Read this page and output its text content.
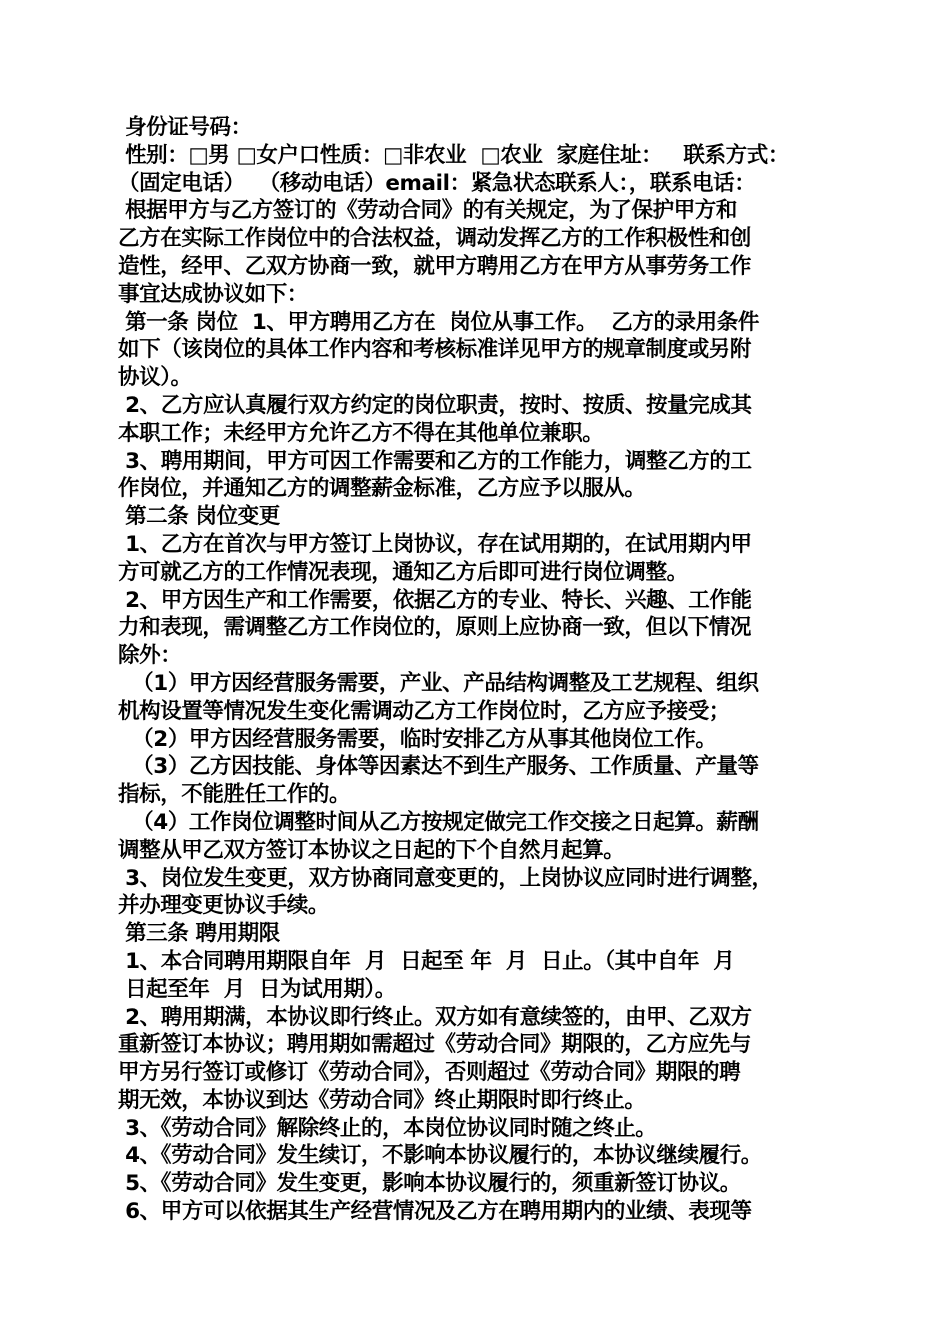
身份证号码：
性别：□男 □女户口性质：□非农业  □农业  家庭住址：   联系方式：
（固定电话）  （移动电话）email：紧急状态联系人：，联系电话：
根据甲方与乙方签订的《劳动合同》的有关规定，为了保护甲方和
乙方在实际工作岗位中的合法权益，调动发挥乙方的工作积极性和创
造性，经甲、乙双方协商一致，就甲方聘用乙方在甲方从事劳务工作
事宜达成协议如下：
第一条 岗位  1、甲方聘用乙方在  岗位从事工作。  乙方的录用条件
如下（该岗位的具体工作内容和考核标准详见甲方的规章制度或另附
协议）。
2、乙方应认真履行双方约定的岗位职责，按时、按质、按量完成其
本职工作；未经甲方允许乙方不得在其他单位兼职。
3、聘用期间，甲方可因工作需要和乙方的工作能力，调整乙方的工
作岗位，并通知乙方的调整薪金标准，乙方应予以服从。
第二条 岗位变更
1、乙方在首次与甲方签订上岗协议，存在试用期的，在试用期内甲
方可就乙方的工作情况表现，通知乙方后即可进行岗位调整。
2、甲方因生产和工作需要，依据乙方的专业、特长、兴趣、工作能
力和表现，需调整乙方工作岗位的，原则上应协商一致，但以下情况
除外：
（1）甲方因经营服务需要，产业、产品结构调整及工艺规程、组织
机构设置等情况发生变化需调动乙方工作岗位时，乙方应予接受；
（2）甲方因经营服务需要，临时安排乙方从事其他岗位工作。
（3）乙方因技能、身体等因素达不到生产服务、工作质量、产量等
指标，不能胜任工作的。
（4）工作岗位调整时间从乙方按规定做完工作交接之日起算。薪酬
调整从甲乙双方签订本协议之日起的下个自然月起算。
3、岗位发生变更，双方协商同意变更的，上岗协议应同时进行调整，
并办理变更协议手续。
第三条 聘用期限
1、本合同聘用期限自年  月  日起至 年  月  日止。（其中自年  月
日起至年  月  日为试用期）。
2、聘用期满，本协议即行终止。双方如有意续签的，由甲、乙双方
重新签订本协议；聘用期如需超过《劳动合同》期限的，乙方应先与
甲方另行签订或修订《劳动合同》，否则超过《劳动合同》期限的聘
期无效，本协议到达《劳动合同》终止期限时即行终止。
3、《劳动合同》解除终止的，本岗位协议同时随之终止。
4、《劳动合同》发生续订，不影响本协议履行的，本协议继续履行。
5、《劳动合同》发生变更，影响本协议履行的，须重新签订协议。
6、甲方可以依据其生产经营情况及乙方在聘用期内的业绩、表现等
